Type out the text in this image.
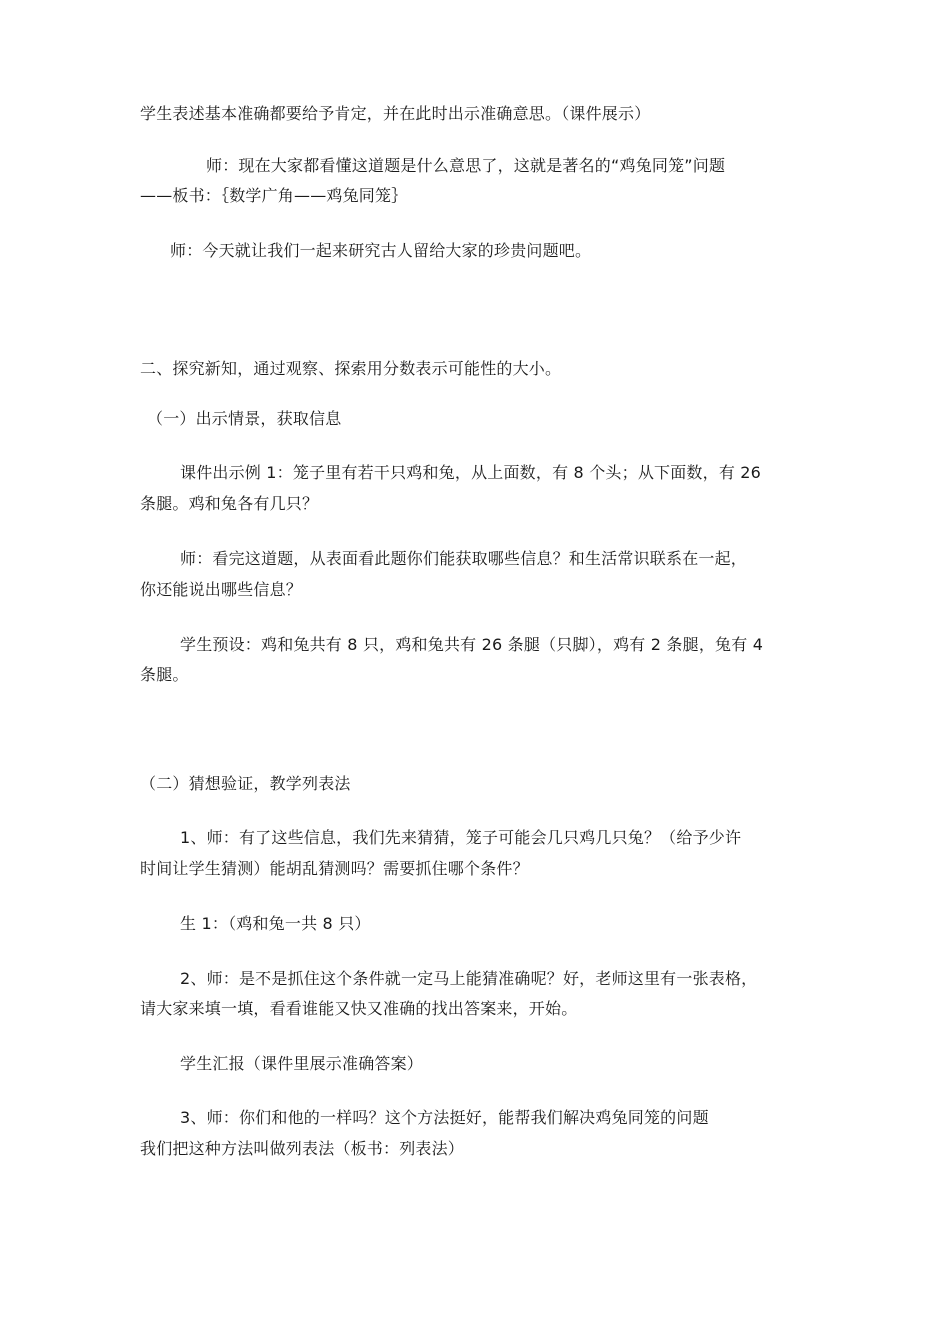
学生表述基本准确都要给予肯定，并在此时出示准确意思。（课件展示）
师：现在大家都看懂这道题是什么意思了，这就是著名的“鸡兔同笼”问题
——板书：｛数学广角——鸡兔同笼｝
师：今天就让我们一起来研究古人留给大家的珍贵问题吧。
二、探究新知，通过观察、探索用分数表示可能性的大小。
（一）出示情景，获取信息
课件出示例 1：笼子里有若干只鸡和兔，从上面数，有 8 个头；从下面数，有 26
条腿。鸡和兔各有几只？
师：看完这道题，从表面看此题你们能获取哪些信息？和生活常识联系在一起，
你还能说出哪些信息？
学生预设：鸡和兔共有 8 只，鸡和兔共有 26 条腿（只脚），鸡有 2 条腿，兔有 4
条腿。
（二）猜想验证，教学列表法
1、师：有了这些信息，我们先来猜猜，笼子可能会几只鸡几只兔？（给予少许
时间让学生猜测）能胡乱猜测吗？需要抓住哪个条件？
生 1：（鸡和兔一共 8 只）
2、师：是不是抓住这个条件就一定马上能猜准确呢？好，老师这里有一张表格，
请大家来填一填，看看谁能又快又准确的找出答案来，开始。
学生汇报（课件里展示准确答案）
3、师：你们和他的一样吗？这个方法挺好，能帮我们解决鸡兔同笼的问题
我们把这种方法叫做列表法（板书：列表法）
